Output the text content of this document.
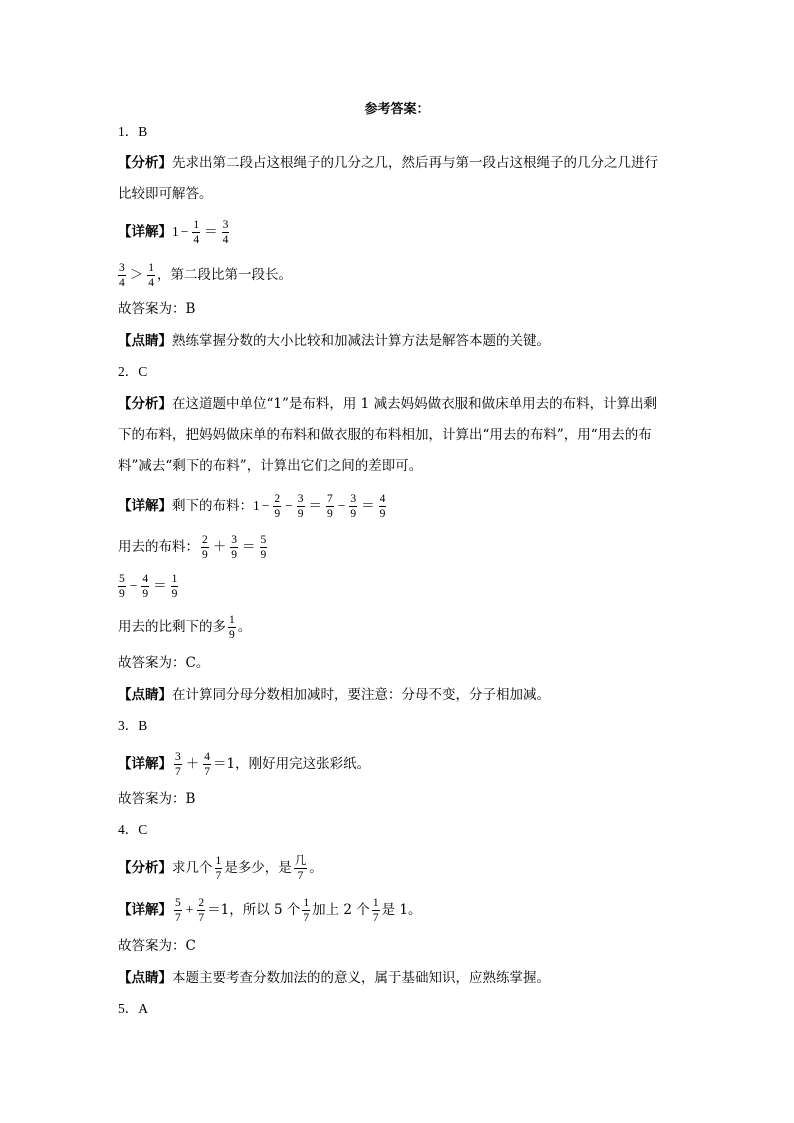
参考答案：
1．B
【分析】先求出第二段占这根绳子的几分之几，然后再与第一段占这根绳子的几分之几进行
比较即可解答。
【详解】$1 - \frac{1}{4} = \frac{3}{4}$
$\frac{3}{4} > \frac{1}{4}$ ，第二段比第一段长。
故答案为：B
【点睛】熟练掌握分数的大小比较和加减法计算方法是解答本题的关键。
2．C
【分析】在这道题中单位“1”是布料，用 1 减去妈妈做衣服和做床单用去的布料，计算出剩
下的布料，把妈妈做床单的布料和做衣服的布料相加，计算出“用去的布料”，用“用去的布
料”减去“剩下的布料”，计算出它们之间的差即可。
【详解】剩下的布料：$1 - \frac{2}{9} - \frac{3}{9} = \frac{7}{9} - \frac{3}{9} = \frac{4}{9}$
用去的布料： $\frac{2}{9} + \frac{3}{9} = \frac{5}{9}$
$\frac{5}{9} - \frac{4}{9} = \frac{1}{9}$
用去的比剩下的多 $\frac{1}{9}$ 。
故答案为：C。
【点睛】在计算同分母分数相加减时，要注意：分母不变，分子相加减。
3．B
【详解】 $\frac{3}{7} + \frac{4}{7} =1$，刚好用完这张彩纸。
故答案为：B
4．C
【分析】求几个 $\frac{1}{7}$ 是多少，是 $\frac{\text{几}}{7}$ 。
【详解】 $\frac{5}{7} + \frac{2}{7} =1$，所以 5 个 $\frac{1}{7}$ 加上 2 个 $\frac{1}{7}$ 是 1。
故答案为：C
【点睛】本题主要考查分数加法的的意义，属于基础知识，应熟练掌握。
5．A
